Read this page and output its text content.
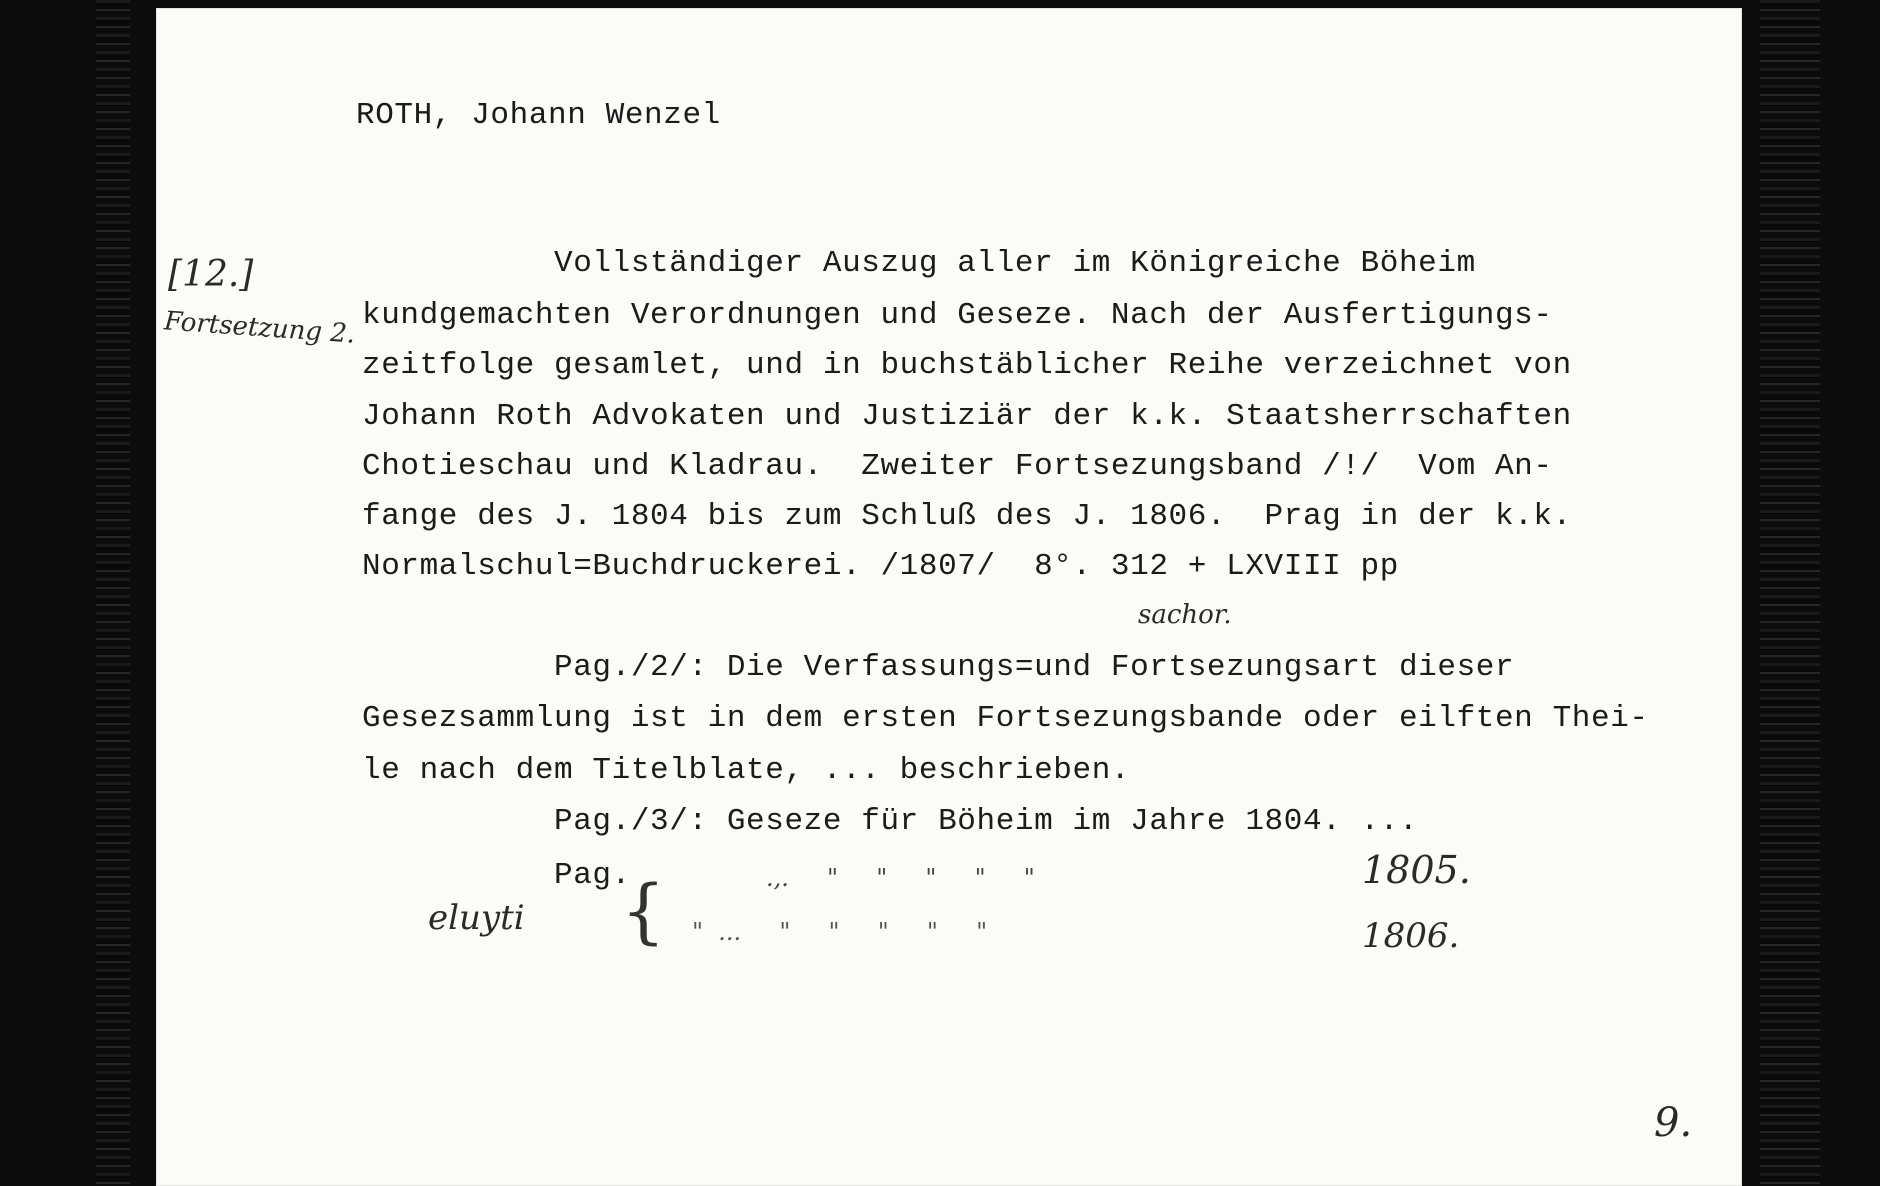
ROTH, Johann Wenzel
[12.]
Fortsetzung 2.
eluyti
Vollständiger Auszug aller im Königreiche Böheim
kundgemachten Verordnungen und Geseze. Nach der Ausfertigungs-
zeitfolge gesamlet, und in buchstäblicher Reihe verzeichnet von
Johann Roth Advokaten und Justiziär der k.k. Staatsherrschaften
Chotieschau und Kladrau.  Zweiter Fortsezungsband /!/  Vom An-
fange des J. 1804 bis zum Schluß des J. 1806.  Prag in der k.k.
Normalschul=Buchdruckerei. /1807/  8°. 312 + LXVIII pp
sachor.
Pag./2/: Die Verfassungs=und Fortsezungsart dieser
Gesezsammlung ist in dem ersten Fortsezungsbande oder eilften Thei-
le nach dem Titelblate, ... beschrieben.
Pag./3/: Geseze für Böheim im Jahre 1804. ...
Pag.
{	.,.     "     "     "     "     "	1805.
"  ...     "     "     "     "     "	1806.
9.
